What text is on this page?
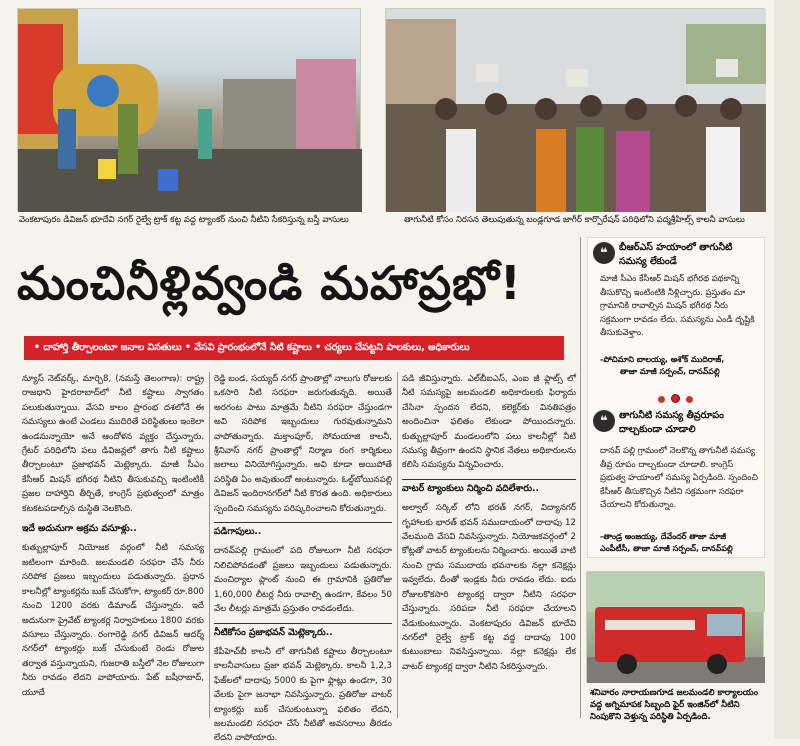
వెంకటాపురం డివిజన్ భూదేవి నగర్ రైల్వే ట్రాక్ కట్ట వద్ద ట్యాంకర్ నుంచి నీటిని సేకరిస్తున్న బస్తీ వాసులు	తాగునీటి కోసం నిరసన తెలుపుతున్న బండ్లగూడ జాగీర్ కార్పొరేషన్ పరిధిలోని పద్మశ్రీహిల్స్ కాలనీ వాసులు
మంచినీళ్లివ్వండి మహాప్రభో!
• దాహార్తి తీర్చాలంటూ జనాల వినతులు • వేసవి ప్రారంభంలోనే నీటి కష్టాలు • చర్యలు చేపట్టని పాలకులు, అధికారులు

న్యూస్ నెట్‌వర్క్, మార్చి8, (నమస్తే తెలంగాణ): రాష్ట్ర రాజధాని హైదరాబాద్‌లో నీటి కష్టాలు స్వాగతం పలుకుతున్నాయి. వేసవి కాలం ప్రారంభ దశలోనే ఈ సమస్యలు ఉంటే ఎండలు ముదిరితే పరిస్థితులు ఇంకెలా ఉండనున్నాయో అనే ఆందోళన వ్యక్తం చేస్తున్నారు. గ్రేటర్ పరిధిలోని పలు డివిజన్లలో తాగు నీటి కష్టాలు తీర్చాలంటూ ప్రజాభవన్ మెట్లెక్కారు. మాజీ సీఎం కేసీఆర్ మిషన్ భగీరథ నీటిని తీసుకువచ్చి ఇంటింటికీ ప్రజల దాహార్తిని తీర్చితే, కాంగ్రెస్ ప్రభుత్వంలో మాత్రం కటకటపడాల్సిన దుస్థితి నెలకొంది.

ఇదే అదునుగా అక్రమ వసూళ్లు..

కుత్బుల్లాపూర్ నియోజక వర్గంలో నీటి సమస్య జటిలంగా మారింది. జలమండలి సరఫరా చేసే నీరు సరిపోక ప్రజలు ఇబ్బందులు పడుతున్నారు. ప్రధాన కాలనీల్లో ట్యాంకర్లను బుక్ చేసుకోగా, ట్యాంకర్ రూ.800 నుంచి 1200 వరకు డిమాండ్ చేస్తున్నారు. ఇదే అదునుగా ప్రైవేట్ ట్యాంకర్ల నిర్వాహకులు 1800 వరకు వసూలు చేస్తున్నారు. రంగారెడ్డి నగర్ డివిజన్ ఆదర్శ్ నగర్‌లో ట్యాంకర్లు బుక్ చేసుకుంటే రెండు రోజుల తర్వాత వస్తున్నాయని, గుజరాతి బస్తీలో నెల రోజులుగా నీరు రావడం లేదని వాపోయారు. పేట్ బషీరాబాద్, యూదే

రెడ్డి బండ, సయ్యద్ నగర్ ప్రాంతాల్లో నాలుగు రోజులకు ఒకసారి నీటి సరఫరా జరుగుతున్నది. అయితే అరగంట పాటు మాత్రమే నీటిని సరఫరా చేస్తుండగా అవి సరిపోక ఇబ్బందులు గురవుతున్నామని వాపోతున్నారు. మక్తాంపూర్, సోమయాజి కాలనీ, శ్రీనివాస్ నగర్ ప్రాంతాల్లో నిర్మాణ రంగ కార్మికులు జలాలు వినియోగిస్తున్నారు. అవి కూడా అయిపోతే పరిస్థితి ఏం అవుతుందో అంటున్నారు. ఓల్డ్‌బోయినపల్లి డివిజన్ ఇందిరానగర్‌లో నీటి కొరత ఉంది. అధికారులు స్పందించి సమస్యను పరిష్కరించాలని కోరుతున్నారు.

పడిగాపులు..

దానవ్‌పల్లి గ్రామంలో పది రోజులుగా నీటి సరఫరా నిలిచిపోవడంతో ప్రజలు ఇబ్బందులు పడుతున్నారు. మంచిర్యాల ప్లాంట్ నుంచి ఈ గ్రామానికి ప్రతిరోజు 1,60,000 లీటర్ల నీరు రావాల్సి ఉండగా, కేవలం 50 వేల లీటర్లు మాత్రమే ప్రస్తుతం రావడంలేదు.

నీటికోసం ప్రజాభవన్ మెట్లెక్కారు..

కేపీహెచ్‌బీ కాలనీ లో తాగునీటి కష్టాలు తీర్చాలంటూ కాలనీవాసులు ప్రజా భవన్‌ మెట్లెక్కారు. కాలనీ 1,2,3 ఫేజ్‌లలో దాదాపు 5000 కు పైగా ఫ్లాట్లు ఉండగా, 30 వేలకు పైగా జనాభా నివసిస్తున్నారు. ప్రతిరోజు వాటర్ ట్యాంకర్లు బుక్ చేసుకుంటున్నా ఫలితం లేదని, జలమండలి సరఫరా చేసే నీటితో అవసరాలు తీరడం లేదని వాపోయారు.

పడి జీవిస్తున్నారు. ఎల్‌బీ‌ఐఎస్, ఎంఐ జీ ఫ్లాట్స్ లో నీటి సమస్యపై జలమండలి అధికారులకు ఫిర్యాదు చేసినా స్పందన లేదని, కలెక్టర్‌కు వినతిపత్రం అందించినా ఫలితం లేకుండా పోయిందన్నారు. కుత్బుల్లాపూర్ మండలంలోని పలు కాలనీల్లో నీటి సమస్య తీవ్రంగా ఉందని స్థానిక నేతలు అధికారులను కలిసి సమస్యను విన్నవించారు.

వాటర్ ట్యాంకులు నిర్మించి వదిలేశారు..

అల్వాల్ సర్కిల్ లోని భరత్ నగర్, విద్యానగర్ గృహాలకు భారత్ భవన్ సముదాయంలో దాదాపు 12 వేలమంది వేసవి నివసిస్తున్నారు. నియోజకవర్గంలో 2 కోట్లతో వాటర్ ట్యాంకులను నిర్మించారు. అయితే వాటి నుంచి గ్రామ సముదాయ భవనాలకు నల్లా కనెక్షన్లు ఇవ్వలేదు. దీంతో ఇండ్లకు నీరు రావడం లేదు. ఐదు రోజులకొకసారి ట్యాంకర్ల ద్వారా నీటిని సరఫరా చేస్తున్నారు. సరిపడా నీటి సరఫరా చేయాలని వేడుకుంటున్నారు. వెంకటాపురం డివిజన్ భూదేవి నగర్‌లో రైల్వే ట్రాక్ కట్ట వద్ద దాదాపు 100 కుటుంబాలు నివసిస్తున్నాయి. నల్లా కనెక్షన్లు లేక వాటర్ ట్యాంకర్ల ద్వారా నీటిని సేకరిస్తున్నారు.

❝	బీఆర్ఎస్ హయాంలో తాగునీటి సమస్య లేకుండే
మాజీ సీఎం కేసీఆర్ మిషన్ భగీరథ పథకాన్ని తీసుకొచ్చి ఇంటింటికి నీళ్లిచ్చారు. ప్రస్తుతం మా గ్రామానికి రావాల్సిన మిషన్ భగీరథ నీరు సక్రమంగా రావడం లేదు. సమస్యను ఎండీ దృష్టికి తీసుకువెళ్తాం.
-పోచిమాని బాలయ్య, అశోక్ ముదిరాజ్,
తాజా మాజీ సర్పంచ్, దానవ్‌పల్లి
❝	తాగునీటి సమస్య తీవ్రరూపం దాల్చకుండా చూడాలి
దానవ్ పల్లి గ్రామంలో నెలకొన్న తాగునీటి సమస్య తీవ్ర రూపం దాల్చకుండా చూడాలి. కాంగ్రెస్ ప్రభుత్వ హయాంలో సమస్య ఏర్పడింది. స్పందించి కేసీఆర్ తీసుకొచ్చిన నీటిని సక్రమంగా సరఫరా చేయాలని కోరుతున్నాం.
-తాండ్ర అంజయ్య, దేవేందర్ తాజా మాజీ
ఎంపీటీసీ, తాజా మాజీ సర్పంచ్, దానవ్‌పల్లి
శనివారం నారాయణగూడ జలమండలి కార్యాలయం
వద్ద అగ్నిమాపక సిబ్బంది ఫైర్ ఇంజిన్‌లో నీటిని
నింపుకొని వెళ్తున్న పరిస్థితి ఏర్పడింది.
